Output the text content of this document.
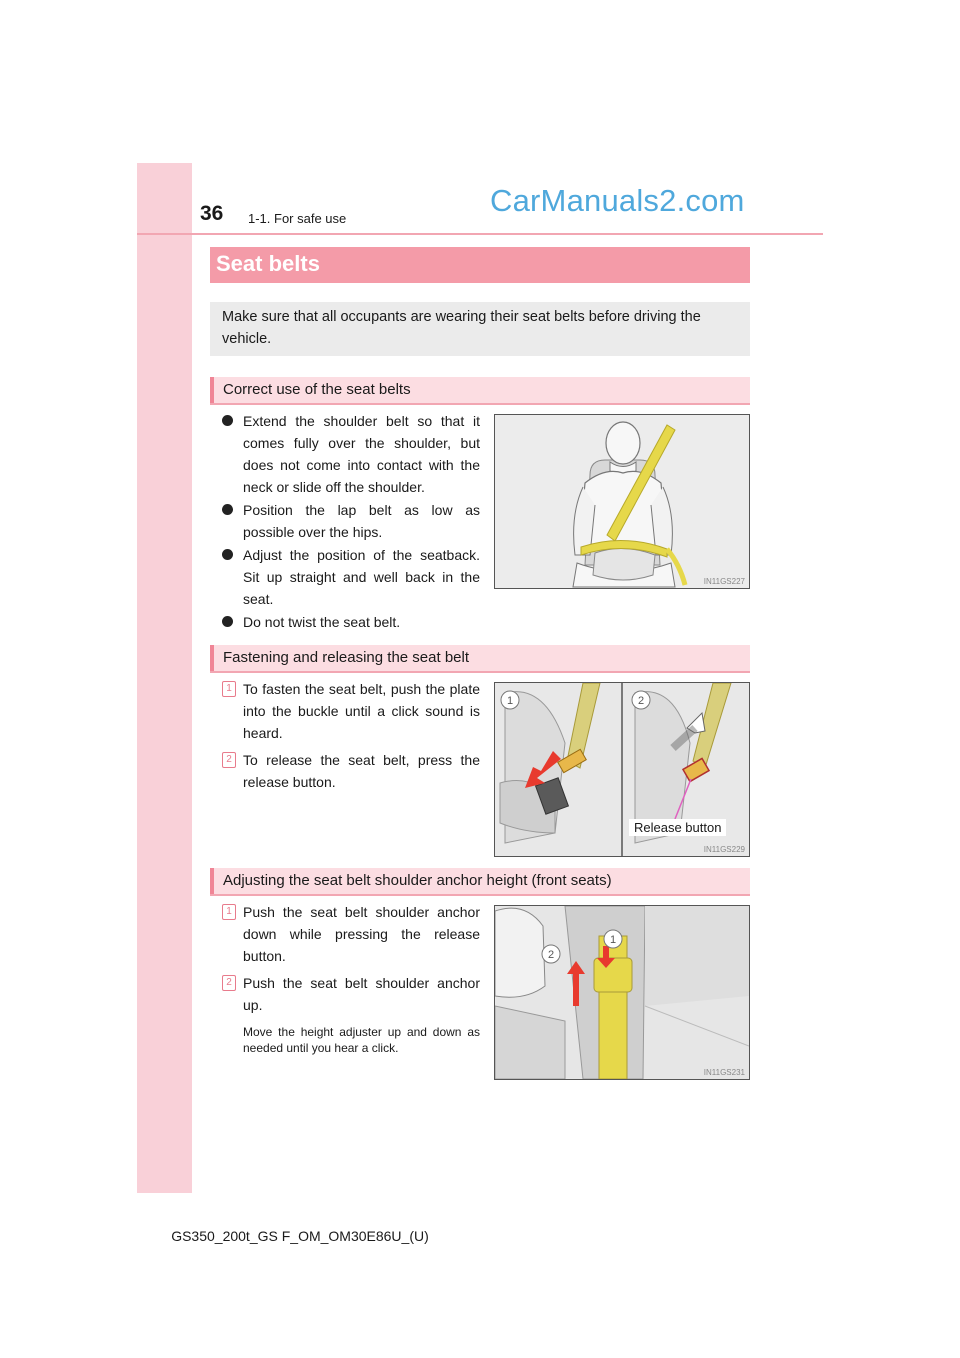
36 1-1. For safe use
CarManuals2.com
Seat belts

Make sure that all occupants are wearing their seat belts before driving the vehicle.

Correct use of the seat belts
Extend the shoulder belt so that it comes fully over the shoulder, but does not come into contact with the neck or slide off the shoulder.
Position the lap belt as low as possible over the hips.
Adjust the position of the seatback. Sit up straight and well back in the seat.
Do not twist the seat belt.
IN11GS227
Fastening and releasing the seat belt
1 To fasten the seat belt, push the plate into the buckle until a click sound is heard.
2 To release the seat belt, press the release button.
1	2
Release button
IN11GS229
Adjusting the seat belt shoulder anchor height (front seats)
1 Push the seat belt shoulder anchor down while pressing the release button.
2 Push the seat belt shoulder anchor up.
Move the height adjuster up and down as needed until you hear a click.
1
2
IN11GS231
GS350_200t_GS F_OM_OM30E86U_(U)
